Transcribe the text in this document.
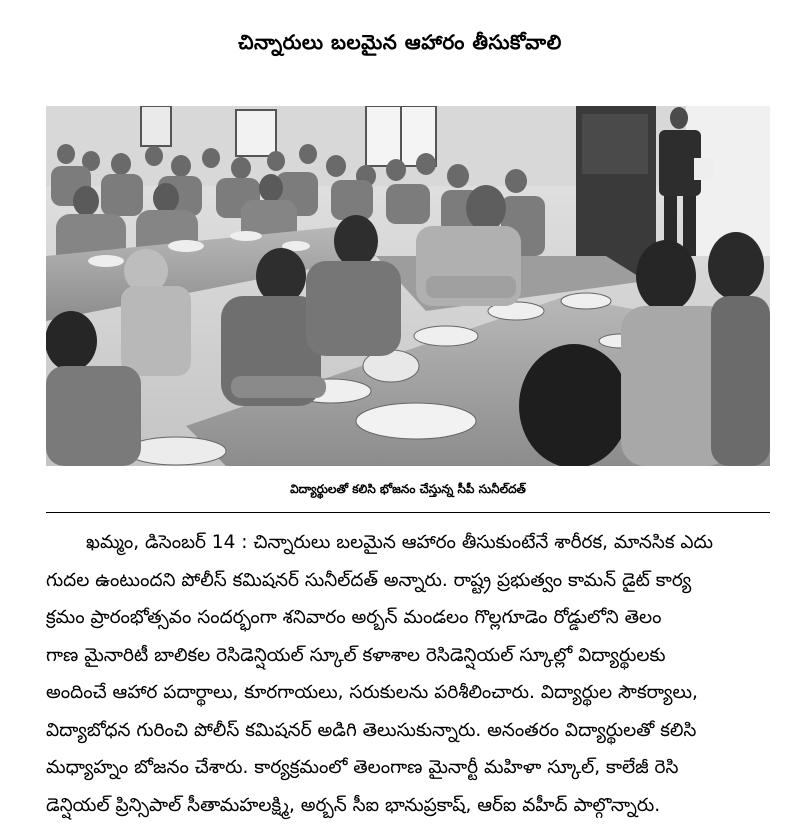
చిన్నారులు బలమైన ఆహారం తీసుకోవాలి
విద్యార్థులతో కలిసి భోజనం చేస్తున్న సీపీ సునీల్‌దత్
ఖమ్మం, డిసెంబర్ 14 : చిన్నారులు బలమైన ఆహారం తీసుకుంటేనే శారీరక, మానసిక ఎదు
గుదల ఉంటుందని పోలీస్ కమిషనర్ సునీల్‌దత్ అన్నారు. రాష్ట్ర ప్రభుత్వం కామన్ డైట్ కార్య
క్రమం ప్రారంభోత్సవం సందర్భంగా శనివారం అర్బన్ మండలం గొల్లగూడెం రోడ్డులోని తెలం
గాణ మైనారిటీ బాలికల రెసిడెన్షియల్ స్కూల్ కళాశాల రెసిడెన్షియల్ స్కూల్లో విద్యార్థులకు
అందించే ఆహార పదార్థాలు, కూరగాయలు, సరుకులను పరిశీలించారు. విద్యార్థుల సౌకర్యాలు,
విద్యాబోధన గురించి పోలీస్ కమిషనర్ అడిగి తెలుసుకున్నారు. అనంతరం విద్యార్థులతో కలిసి
మధ్యాహ్నం బోజనం చేశారు. కార్యక్రమంలో తెలంగాణ మైనార్టీ మహిళా స్కూల్, కాలేజీ రెసి
డెన్షియల్ ప్రిన్సిపాల్ సీతామహలక్ష్మి, అర్బన్ సీఐ భానుప్రకాష్, ఆర్ఐ వహీద్ పాల్గొన్నారు.
